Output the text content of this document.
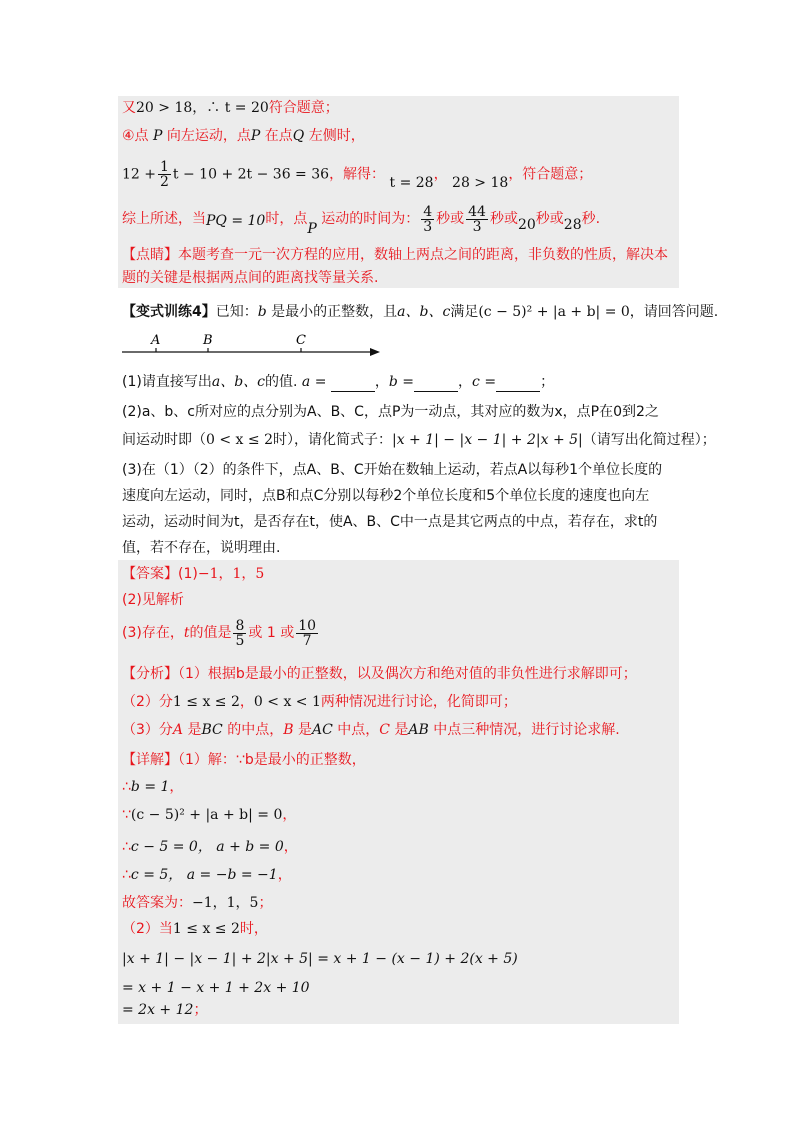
又20 > 18，∴ t = 20符合题意；
④点 P 向左运动，点P 在点Q 左侧时，
$12 + \frac{1}{2}$ t − 10 + 2t − 36 = 36，解得： t = 28， 28 > 18，符合题意；
综上所述，当PQ = 10时，点P 运动的时间为： $\frac{4}{3}$ 秒或 $\frac{44}{3}$ 秒或20秒或28秒.
【点睛】本题考查一元一次方程的应用，数轴上两点之间的距离，非负数的性质，解决本
题的关键是根据两点间的距离找等量关系.
【变式训练4】已知：b 是最小的正整数，且a、b、c满足(c − 5)² + |a + b| = 0，请回答问题.
A	B	C
(1)请直接写出a、b、c的值. a =	，b =	，c =	；
(2)a、b、c所对应的点分别为A、B、C，点P为一动点，其对应的数为x，点P在0到2之
间运动时即（0 < x ≤ 2时），请化简式子：|x + 1| − |x − 1| + 2|x + 5|（请写出化简过程）；
(3)在（1）（2）的条件下，点A、B、C开始在数轴上运动，若点A以每秒1个单位长度的
速度向左运动，同时，点B和点C分别以每秒2个单位长度和5个单位长度的速度也向左
运动，运动时间为t，是否存在t，使A、B、C中一点是其它两点的中点，若存在，求t的
值，若不存在，说明理由.
【答案】(1)−1，1，5
(2)见解析
(3)存在，t的值是 $\frac{8}{5}$ 或 1 或 $\frac{10}{7}$
【分析】（1）根据b是最小的正整数，以及偶次方和绝对值的非负性进行求解即可；
（2）分1 ≤ x ≤ 2，0 < x < 1两种情况进行讨论，化简即可；
（3）分A 是BC 的中点，B 是AC 中点，C 是AB 中点三种情况，进行讨论求解.
【详解】（1）解：∵b是最小的正整数，
∴b = 1，
∵(c − 5)² + |a + b| = 0，
∴c − 5 = 0， a + b = 0，
∴c = 5， a = −b = −1，
故答案为：−1，1，5；
（2）当1 ≤ x ≤ 2时，
|x + 1| − |x − 1| + 2|x + 5| = x + 1 − (x − 1) + 2(x + 5)
= x + 1 − x + 1 + 2x + 10
= 2x + 12；
